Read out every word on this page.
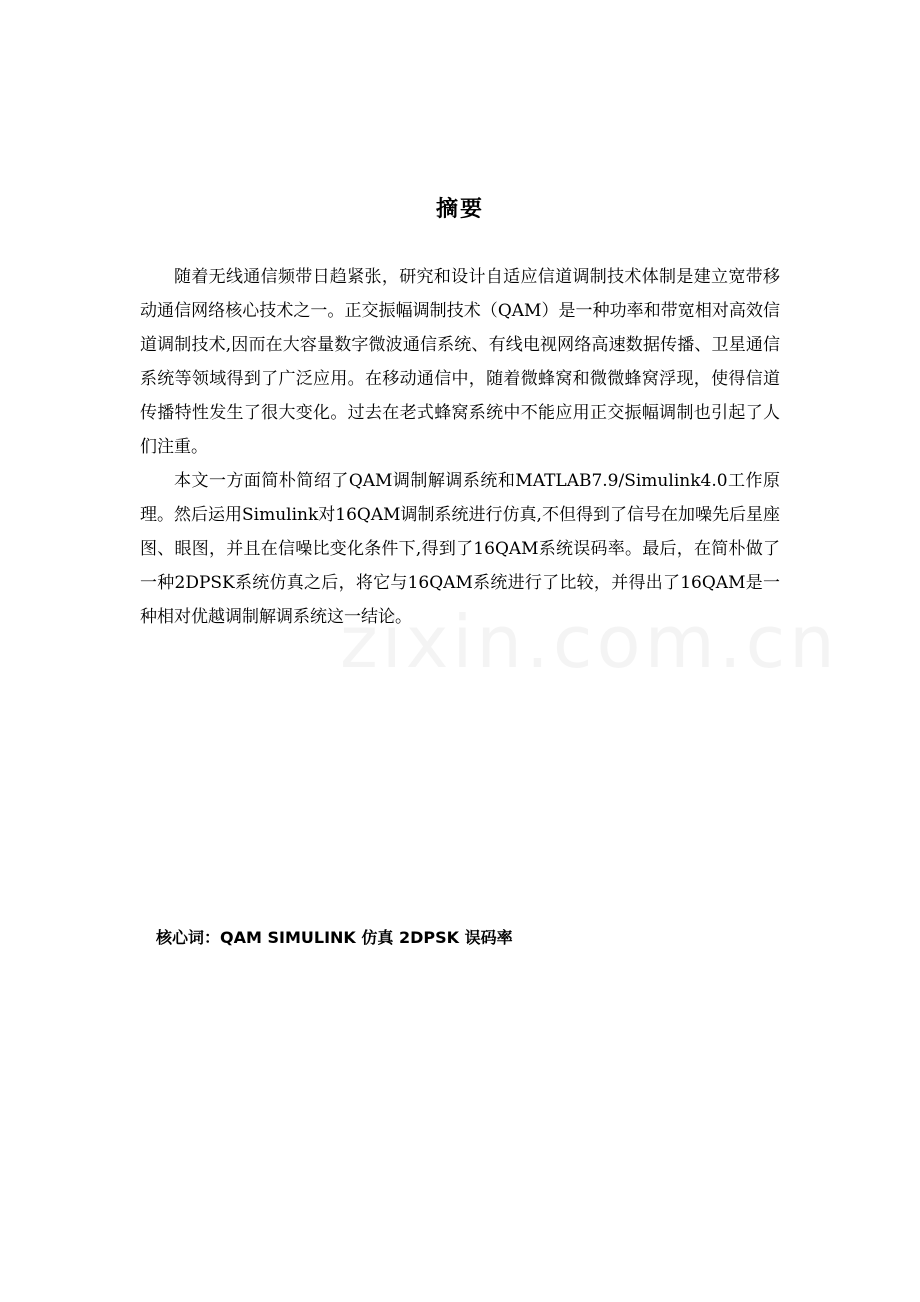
zixin.com.cn
摘要

随着无线通信频带日趋紧张，研究和设计自适应信道调制技术体制是建立宽带移动通信网络核心技术之一。正交振幅调制技术（QAM）是一种功率和带宽相对高效信道调制技术,因而在大容量数字微波通信系统、有线电视网络高速数据传播、卫星通信系统等领域得到了广泛应用。在移动通信中，随着微蜂窝和微微蜂窝浮现，使得信道传播特性发生了很大变化。过去在老式蜂窝系统中不能应用正交振幅调制也引起了人们注重。

本文一方面简朴简绍了QAM调制解调系统和MATLAB7.9/Simulink4.0工作原理。然后运用Simulink对16QAM调制系统进行仿真,不但得到了信号在加噪先后星座图、眼图，并且在信噪比变化条件下,得到了16QAM系统误码率。最后，在简朴做了一种2DPSK系统仿真之后，将它与16QAM系统进行了比较，并得出了16QAM是一种相对优越调制解调系统这一结论。

核心词：QAM SIMULINK 仿真 2DPSK 误码率
